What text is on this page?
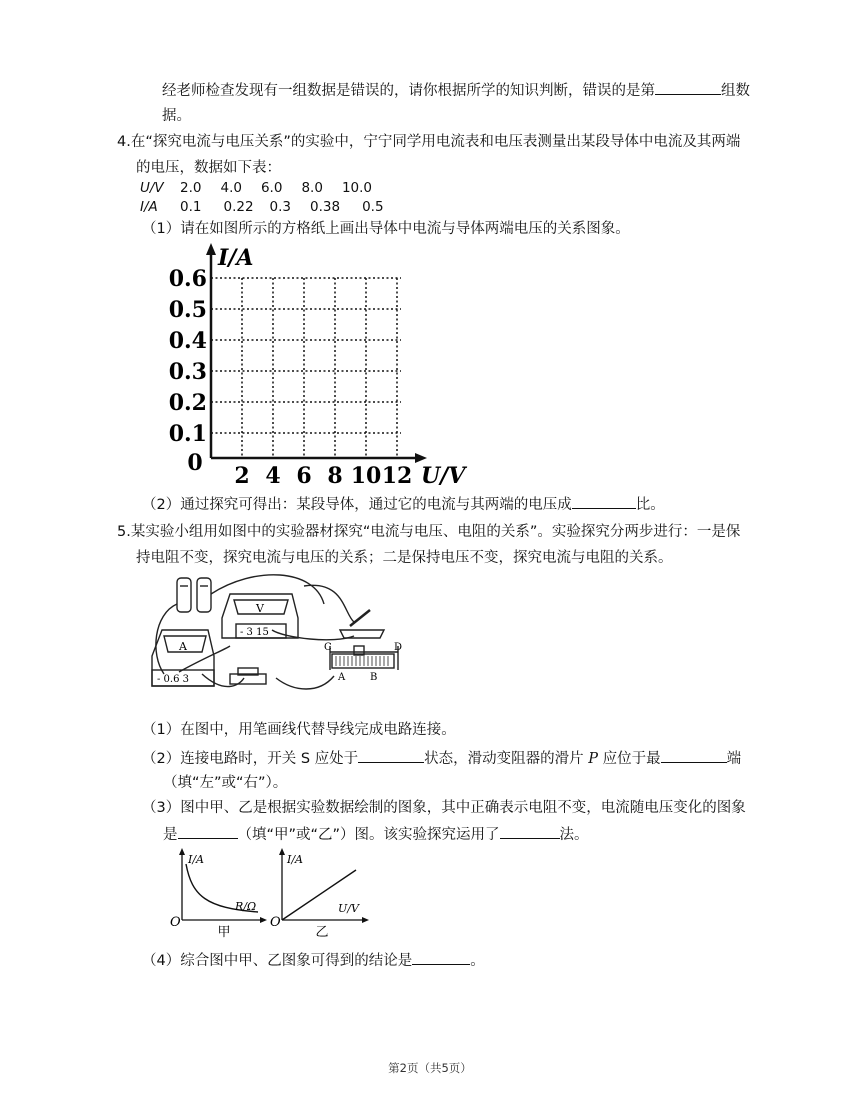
经老师检查发现有一组数据是错误的，请你根据所学的知识判断，错误的是第	组数
据。
4.在“探究电流与电压关系”的实验中，宁宁同学用电流表和电压表测量出某段导体中电流及其两端
的电压，数据如下表：
U/V	2.0 4.0 6.0 8.0 10.0
I/A	0.1 0.22 0.3 0.38 0.5
（1）请在如图所示的方格纸上画出导体中电流与导体两端电压的关系图象。
I/A
0.6
0.5
0.4
0.3
0.2
0.1
0 2 4 6 8 10 12 U/V
（2）通过探究可得出：某段导体，通过它的电流与其两端的电压成	比。
5.某实验小组用如图中的实验器材探究“电流与电压、电阻的关系”。实验探究分两步进行：一是保
持电阻不变，探究电流与电压的关系；二是保持电压不变，探究电流与电阻的关系。
A
- 0.6 3
V
- 3 15
C	D
A B
（1）在图中，用笔画线代替导线完成电路连接。
（2）连接电路时，开关 S 应处于	状态，滑动变阻器的滑片 P 应位于最	端
（填“左”或“右”）。
（3）图中甲、乙是根据实验数据绘制的图象，其中正确表示电阻不变，电流随电压变化的图象
是	（填“甲”或“乙”）图。该实验探究运用了	法。
I/A
R/Ω
O
甲
I/A
U/V
O
乙
（4）综合图中甲、乙图象可得到的结论是	。
第2页（共5页）
